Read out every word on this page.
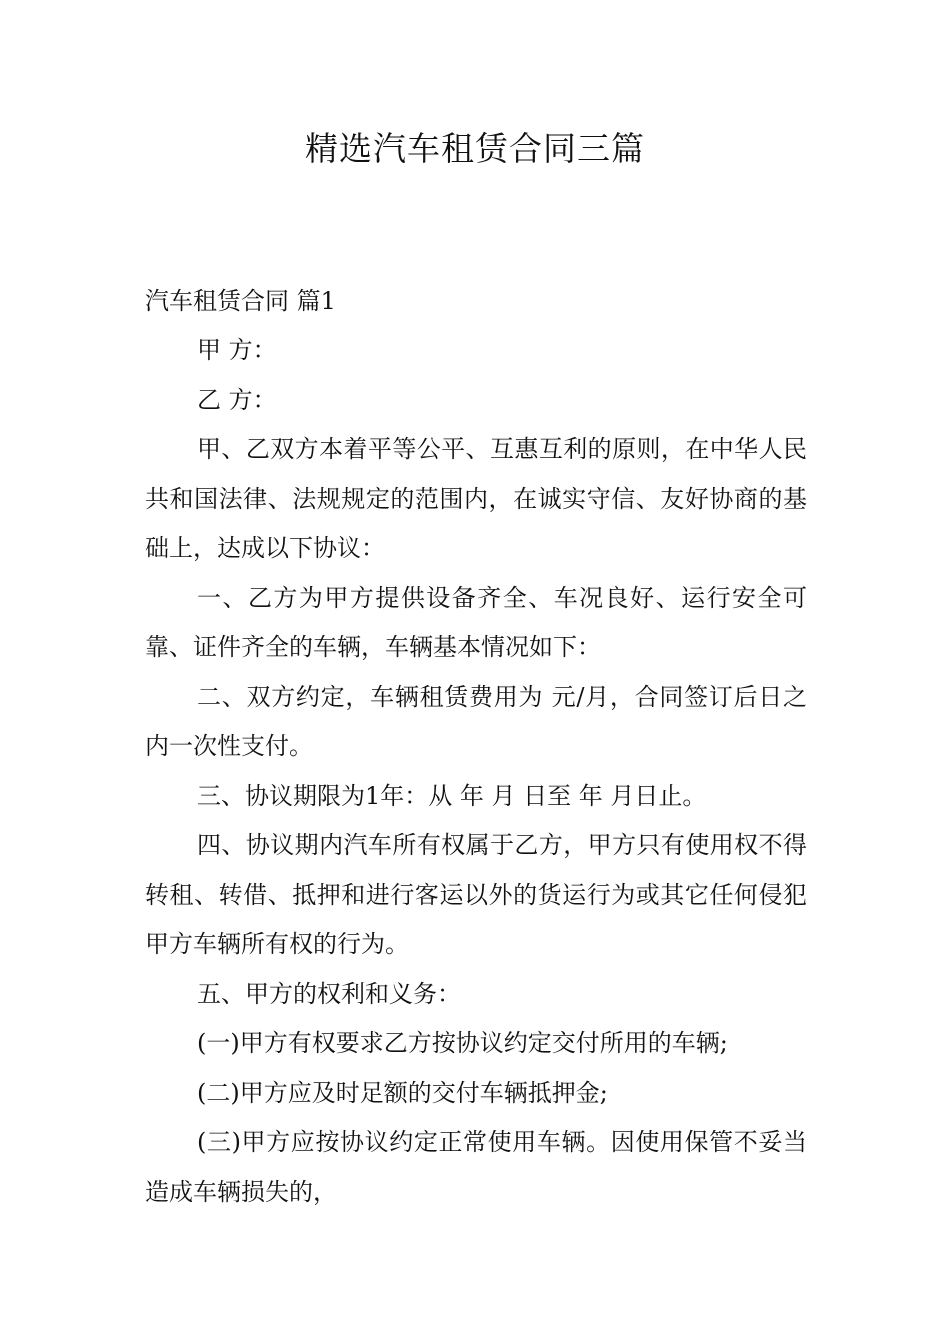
精选汽车租赁合同三篇
汽车租赁合同 篇1

甲 方：

乙 方：

甲、乙双方本着平等公平、互惠互利的原则，在中华人民共和国法律、法规规定的范围内，在诚实守信、友好协商的基础上，达成以下协议：

一、乙方为甲方提供设备齐全、车况良好、运行安全可靠、证件齐全的车辆，车辆基本情况如下：

二、双方约定，车辆租赁费用为 元/月，合同签订后日之内一次性支付。

三、协议期限为1年：从 年 月 日至 年 月日止。

四、协议期内汽车所有权属于乙方，甲方只有使用权不得转租、转借、抵押和进行客运以外的货运行为或其它任何侵犯甲方车辆所有权的行为。

五、甲方的权利和义务：

(一)甲方有权要求乙方按协议约定交付所用的车辆;

(二)甲方应及时足额的交付车辆抵押金;

(三)甲方应按协议约定正常使用车辆。因使用保管不妥当造成车辆损失的，
